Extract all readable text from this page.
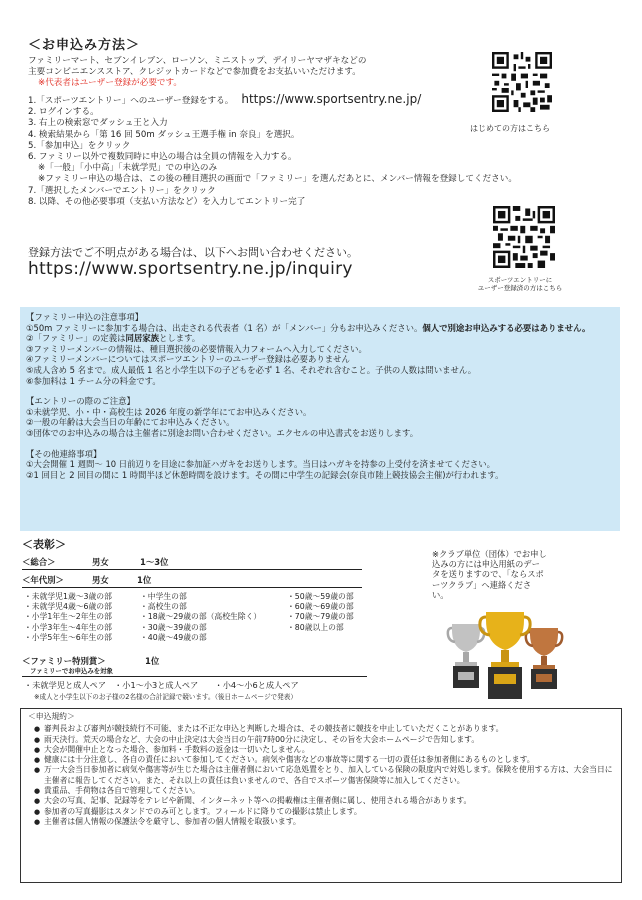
＜お申込み方法＞
ファミリーマート、セブンイレブン、ローソン、ミニストップ、デイリーヤマザキなどの
主要コンビニエンスストア、クレジットカードなどで参加費をお支払いいただけます。
※代表者はユーザー登録が必要です。
1.「スポーツエントリー」へのユーザー登録をする。 https://www.sportsentry.ne.jp/
2. ログインする。
3. 右上の検索窓でダッシュ王と入力
4. 検索結果から「第 16 回 50m ダッシュ王選手権 in 奈良」を選択。
5.「参加申込」をクリック
6. ファミリー以外で複数同時に申込の場合は全員の情報を入力する。
※「一般」「小中高」「未就学児」での申込のみ
※ファミリー申込の場合は、この後の種目選択の画面で「ファミリー」を選んだあとに、メンバー情報を登録してください。
7.「選択したメンバーでエントリー」をクリック
8. 以降、その他必要事項（支払い方法など）を入力してエントリー完了
はじめての方はこちら
スポーツエントリーに
ユーザー登録済の方はこちら
登録方法でご不明点がある場合は、以下へお問い合わせください。
https://www.sportsentry.ne.jp/inquiry
【ファミリー申込の注意事項】
①50m ファミリーに参加する場合は、出走される代表者（1 名）が「メンバー」分もお申込みください。個人で別途お申込みする必要はありません。
②「ファミリー」の定義は同居家族とします。
③ファミリーメンバーの情報は、種目選択後の必要情報入力フォームへ入力してください。
④ファミリーメンバーについてはスポーツエントリーのユーザー登録は必要ありません
⑤成人含め 5 名まで。成人最低 1 名と小学生以下の子どもを必ず 1 名、それぞれ含むこと。子供の人数は問いません。
⑥参加料は 1 チーム分の料金です。
【エントリーの際のご注意】
①未就学児、小・中・高校生は 2026 年度の新学年にてお申込みください。
②一般の年齢は大会当日の年齢にてお申込みください。
③団体でのお申込みの場合は主催者に別途お問い合わせください。エクセルの申込書式をお送りします。
【その他連絡事項】
①大会開催 1 週間〜 10 日前辺りを目途に参加証ハガキをお送りします。当日はハガキを持参の上受付を済ませてください。
②1 回目と 2 回目の間に 1 時間半ほど休憩時間を設けます。その間に中学生の記録会(奈良市陸上競技協会主催)が行われます。
＜表彰＞
＜総合＞	男女	1〜3位
＜年代別＞	男女	1位
・未就学児1歳〜3歳の部
・未就学児4歳〜6歳の部
・小学1年生〜2年生の部
・小学3年生〜4年生の部
・小学5年生〜6年生の部
・中学生の部
・高校生の部
・18歳〜29歳の部（高校生除く）
・30歳〜39歳の部
・40歳〜49歳の部
・50歳〜59歳の部
・60歳〜69歳の部
・70歳〜79歳の部
・80歳以上の部
＜ファミリー特別賞＞	1位
ファミリーでお申込みを対象
・未就学児と成人ペア　・小1〜小3と成人ペア　　・小4〜小6と成人ペア
※成人と小学生以下のお子様の2名様の合計記録で競います。（後日ホームページで発表）
※クラブ単位（団体）でお申し込みの方には申込用紙のデータを送りますので、「ならスポーツクラブ」へ連絡ください。
＜申込規約＞
● 審判長および審判が競技続行不可能、または不正な申込と判断した場合は、その競技者に競技を中止していただくことがあります。
● 雨天決行。荒天の場合など、大会の中止決定は大会当日の午前7時00分に決定し、その旨を大会ホームページで告知します。
● 大会が開催中止となった場合、参加料・手数料の返金は一切いたしません。
● 健康には十分注意し、各自の責任において参加してください。病気や傷害などの事故等に関する一切の責任は参加者側にあるものとします。
● 万一大会当日参加者に病気や傷害等が生じた場合は主催者側において応急処置をとり、加入している保険の限度内で対処します。保険を使用する方は、大会当日に主催者に報告してください。また、それ以上の責任は負いませんので、各自でスポーツ傷害保険等に加入してください。
● 貴重品、手荷物は各自で管理してください。
● 大会の写真、記事、記録等をテレビや新聞、インターネット等への掲載権は主催者側に属し、使用される場合があります。
● 参加者の写真撮影はスタンドでのみ可とします。フィールドに降りての撮影は禁止します。
● 主催者は個人情報の保護法令を厳守し、参加者の個人情報を取扱います。
